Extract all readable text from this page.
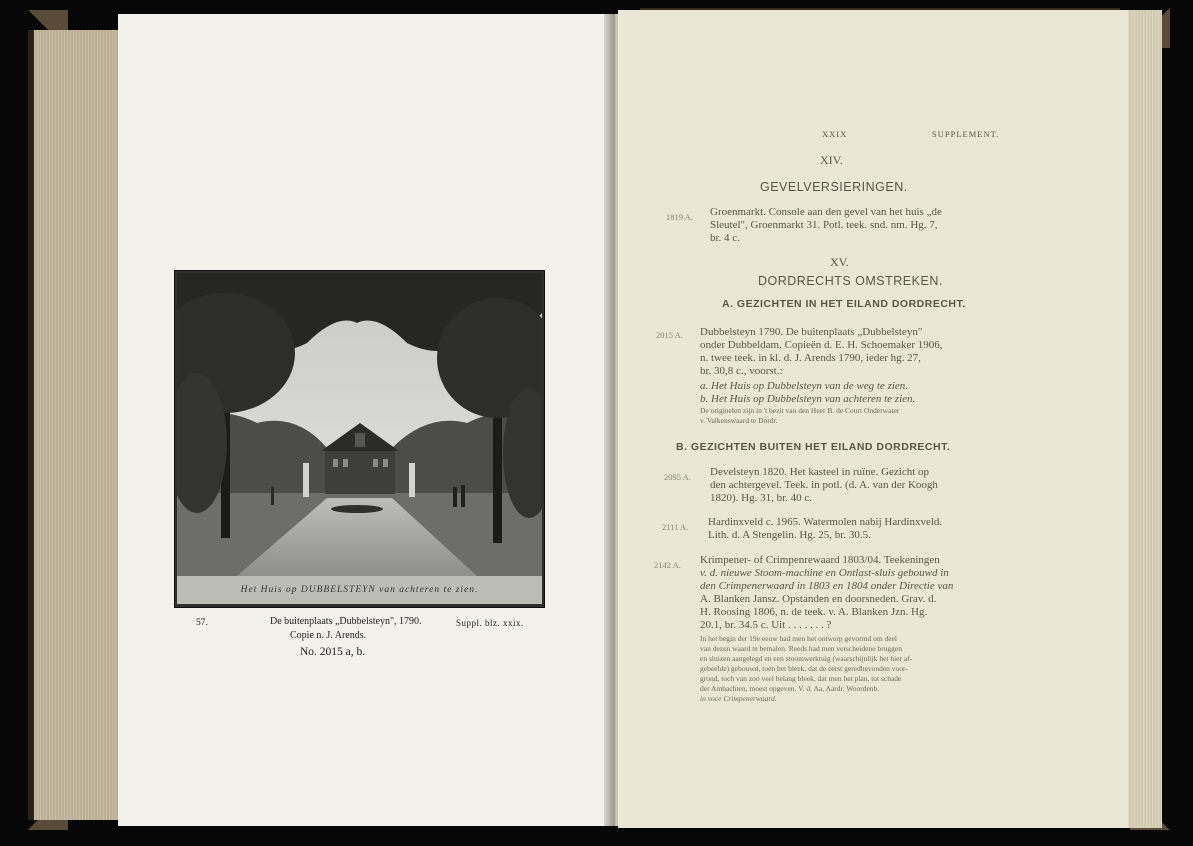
Het Huis op DUBBELSTEYN van achteren te zien.
57.	De buitenplaats „Dubbelsteyn", 1790.	Suppl. blz. xxix.
Copie n. J. Arends.
No. 2015 a, b.
XXIX	SUPPLEMENT.
XIV.
GEVELVERSIERINGEN.
1819 A. Groenmarkt. Console aan den gevel van het huis „de
Sleutel", Groenmarkt 31. Potl. teek. snd. nm. Hg. 7,
br. 4 c.
XV.
DORDRECHTS OMSTREKEN.
A. GEZICHTEN IN HET EILAND DORDRECHT.
2015 A. Dubbelsteyn 1790. De buitenplaats „Dubbelsteyn"
onder Dubbeldam. Copieën d. E. H. Schoemaker 1906,
n. twee teek. in kl. d. J. Arends 1790, ieder hg. 27,
br. 30,8 c., voorst.:
a. Het Huis op Dubbelsteyn van de weg te zien.
b. Het Huis op Dubbelsteyn van achteren te zien.
De originelen zijn in 't bezit van den Heer B. de Court Onderwater
v. Valkenswaard te Dordr.
B. GEZICHTEN BUITEN HET EILAND DORDRECHT.
2095 A. Develsteyn 1820. Het kasteel in ruïne. Gezicht op
den achtergevel. Teek. in potl. (d. A. van der Koogh
1820). Hg. 31, br. 40 c.
2111 A. Hardinxveld c. 1965. Watermolen nabij Hardinxveld.
Lith. d. A Stengelin. Hg. 25, br. 30.5.
2142 A. Krimpener- of Crimpenrewaard 1803/04. Teekeningen
v. d. nieuwe Stoom-machine en Ontlast-sluis gebouwd in
den Crimpenerwaard in 1803 en 1804 onder Directie van
A. Blanken Jansz. Opstanden en doorsneden. Grav. d.
H. Roosing 1806, n. de teek. v. A. Blanken Jzn. Hg.
20.1, br. 34.5 c. Uit . . . . . . . ?
In het begin der 19e eeuw had men het ontwerp gevormd om deel
van dezen waard te bemalen. Reeds had men verscheidene bruggen
en sluizen aangelegd en een stoomwerktuig (waarschijnlijk het hier af-
gebeelde) gebouwd, toen het bleek, dat de eerst geredhevonden voor-
grond, toch van zoo veel belang bleek, dat men het plan, tot schade
der Ambachten, moest opgeven. V. d. Aa, Aardr. Woordenb.
in voce Crimpenerwaard.
